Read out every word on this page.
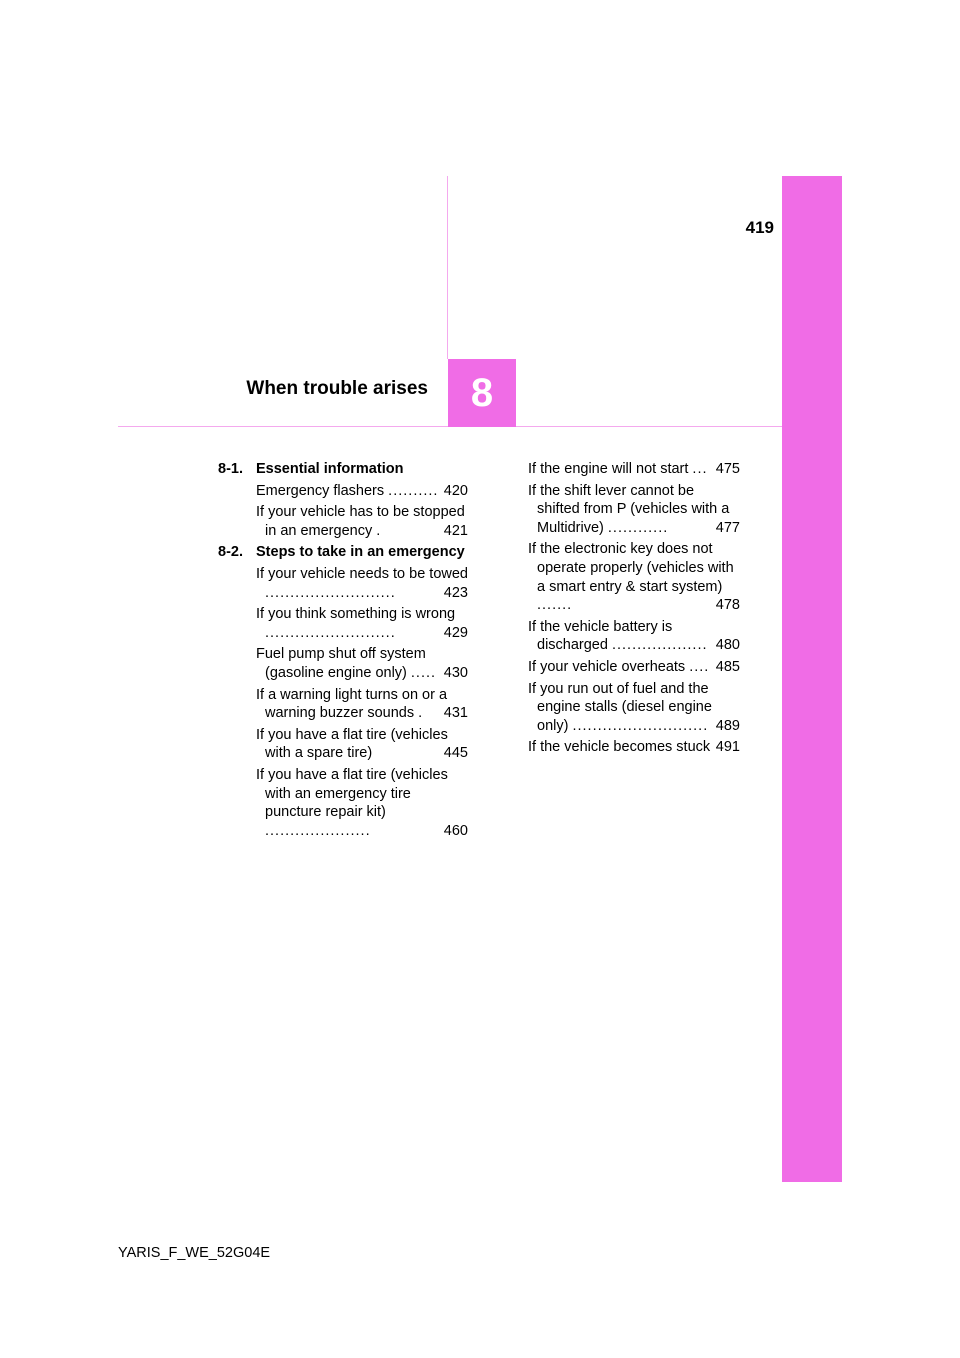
419
8
When trouble arises
8-1. Essential information
Emergency flashers .......... 420
If your vehicle has to be stopped in an emergency .	421
8-2. Steps to take in an emergency
If your vehicle needs to be towed ..........................	423
If you think something is wrong ..........................	429
Fuel pump shut off system (gasoline engine only) ..... 430
If a warning light turns on or a warning buzzer sounds . 431
If you have a flat tire (vehicles with a spare tire)	445
If you have a flat tire (vehicles with an emergency tire puncture repair kit) .....................	460
If the engine will not start ... 475
If the shift lever cannot be shifted from P (vehicles with a Multidrive) ............	477
If the electronic key does not operate properly (vehicles with a smart entry & start system) .......	478
If the vehicle battery is discharged ................... 480
If your vehicle overheats .... 485
If you run out of fuel and the engine stalls (diesel engine only) ........................... 489
If the vehicle becomes stuck 491
YARIS_F_WE_52G04E
